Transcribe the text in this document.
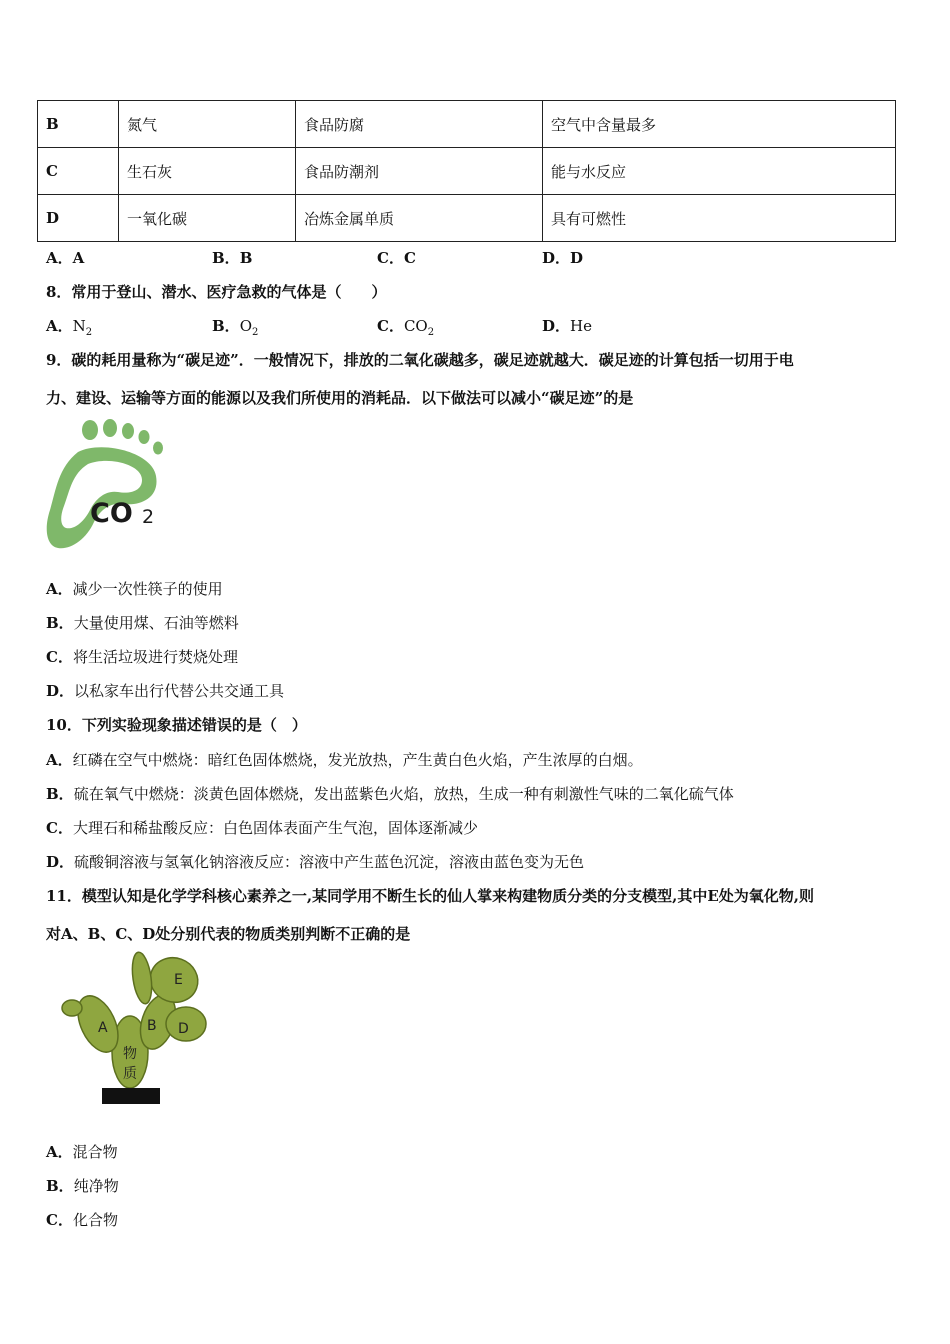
B	氮气	食品防腐	空气中含量最多
C	生石灰	食品防潮剂	能与水反应
D	一氧化碳	冶炼金属单质	具有可燃性
A．A	B．B	C．C	D．D
8．常用于登山、潜水、医疗急救的气体是（　　）
A．$N_2$	B．$O_2$	C．$CO_2$	D．He
9．碳的耗用量称为“碳足迹”．一般情况下，排放的二氧化碳越多，碳足迹就越大．碳足迹的计算包括一切用于电
力、建设、运输等方面的能源以及我们所使用的消耗品．以下做法可以减小“碳足迹”的是
CO 2
A．减少一次性筷子的使用
B．大量使用煤、石油等燃料
C．将生活垃圾进行焚烧处理
D．以私家车出行代替公共交通工具
10．下列实验现象描述错误的是（　）
A．红磷在空气中燃烧：暗红色固体燃烧，发光放热，产生黄白色火焰，产生浓厚的白烟。
B．硫在氧气中燃烧：淡黄色固体燃烧，发出蓝紫色火焰，放热，生成一种有刺激性气味的二氧化硫气体
C．大理石和稀盐酸反应：白色固体表面产生气泡，固体逐渐减少
D．硫酸铜溶液与氢氧化钠溶液反应：溶液中产生蓝色沉淀，溶液由蓝色变为无色
11．模型认知是化学学科核心素养之一,某同学用不断生长的仙人掌来构建物质分类的分支模型,其中E处为氧化物,则
对A、B、C、D处分别代表的物质类别判断不正确的是
E
A	B D
物
质
A．混合物
B．纯净物
C．化合物
